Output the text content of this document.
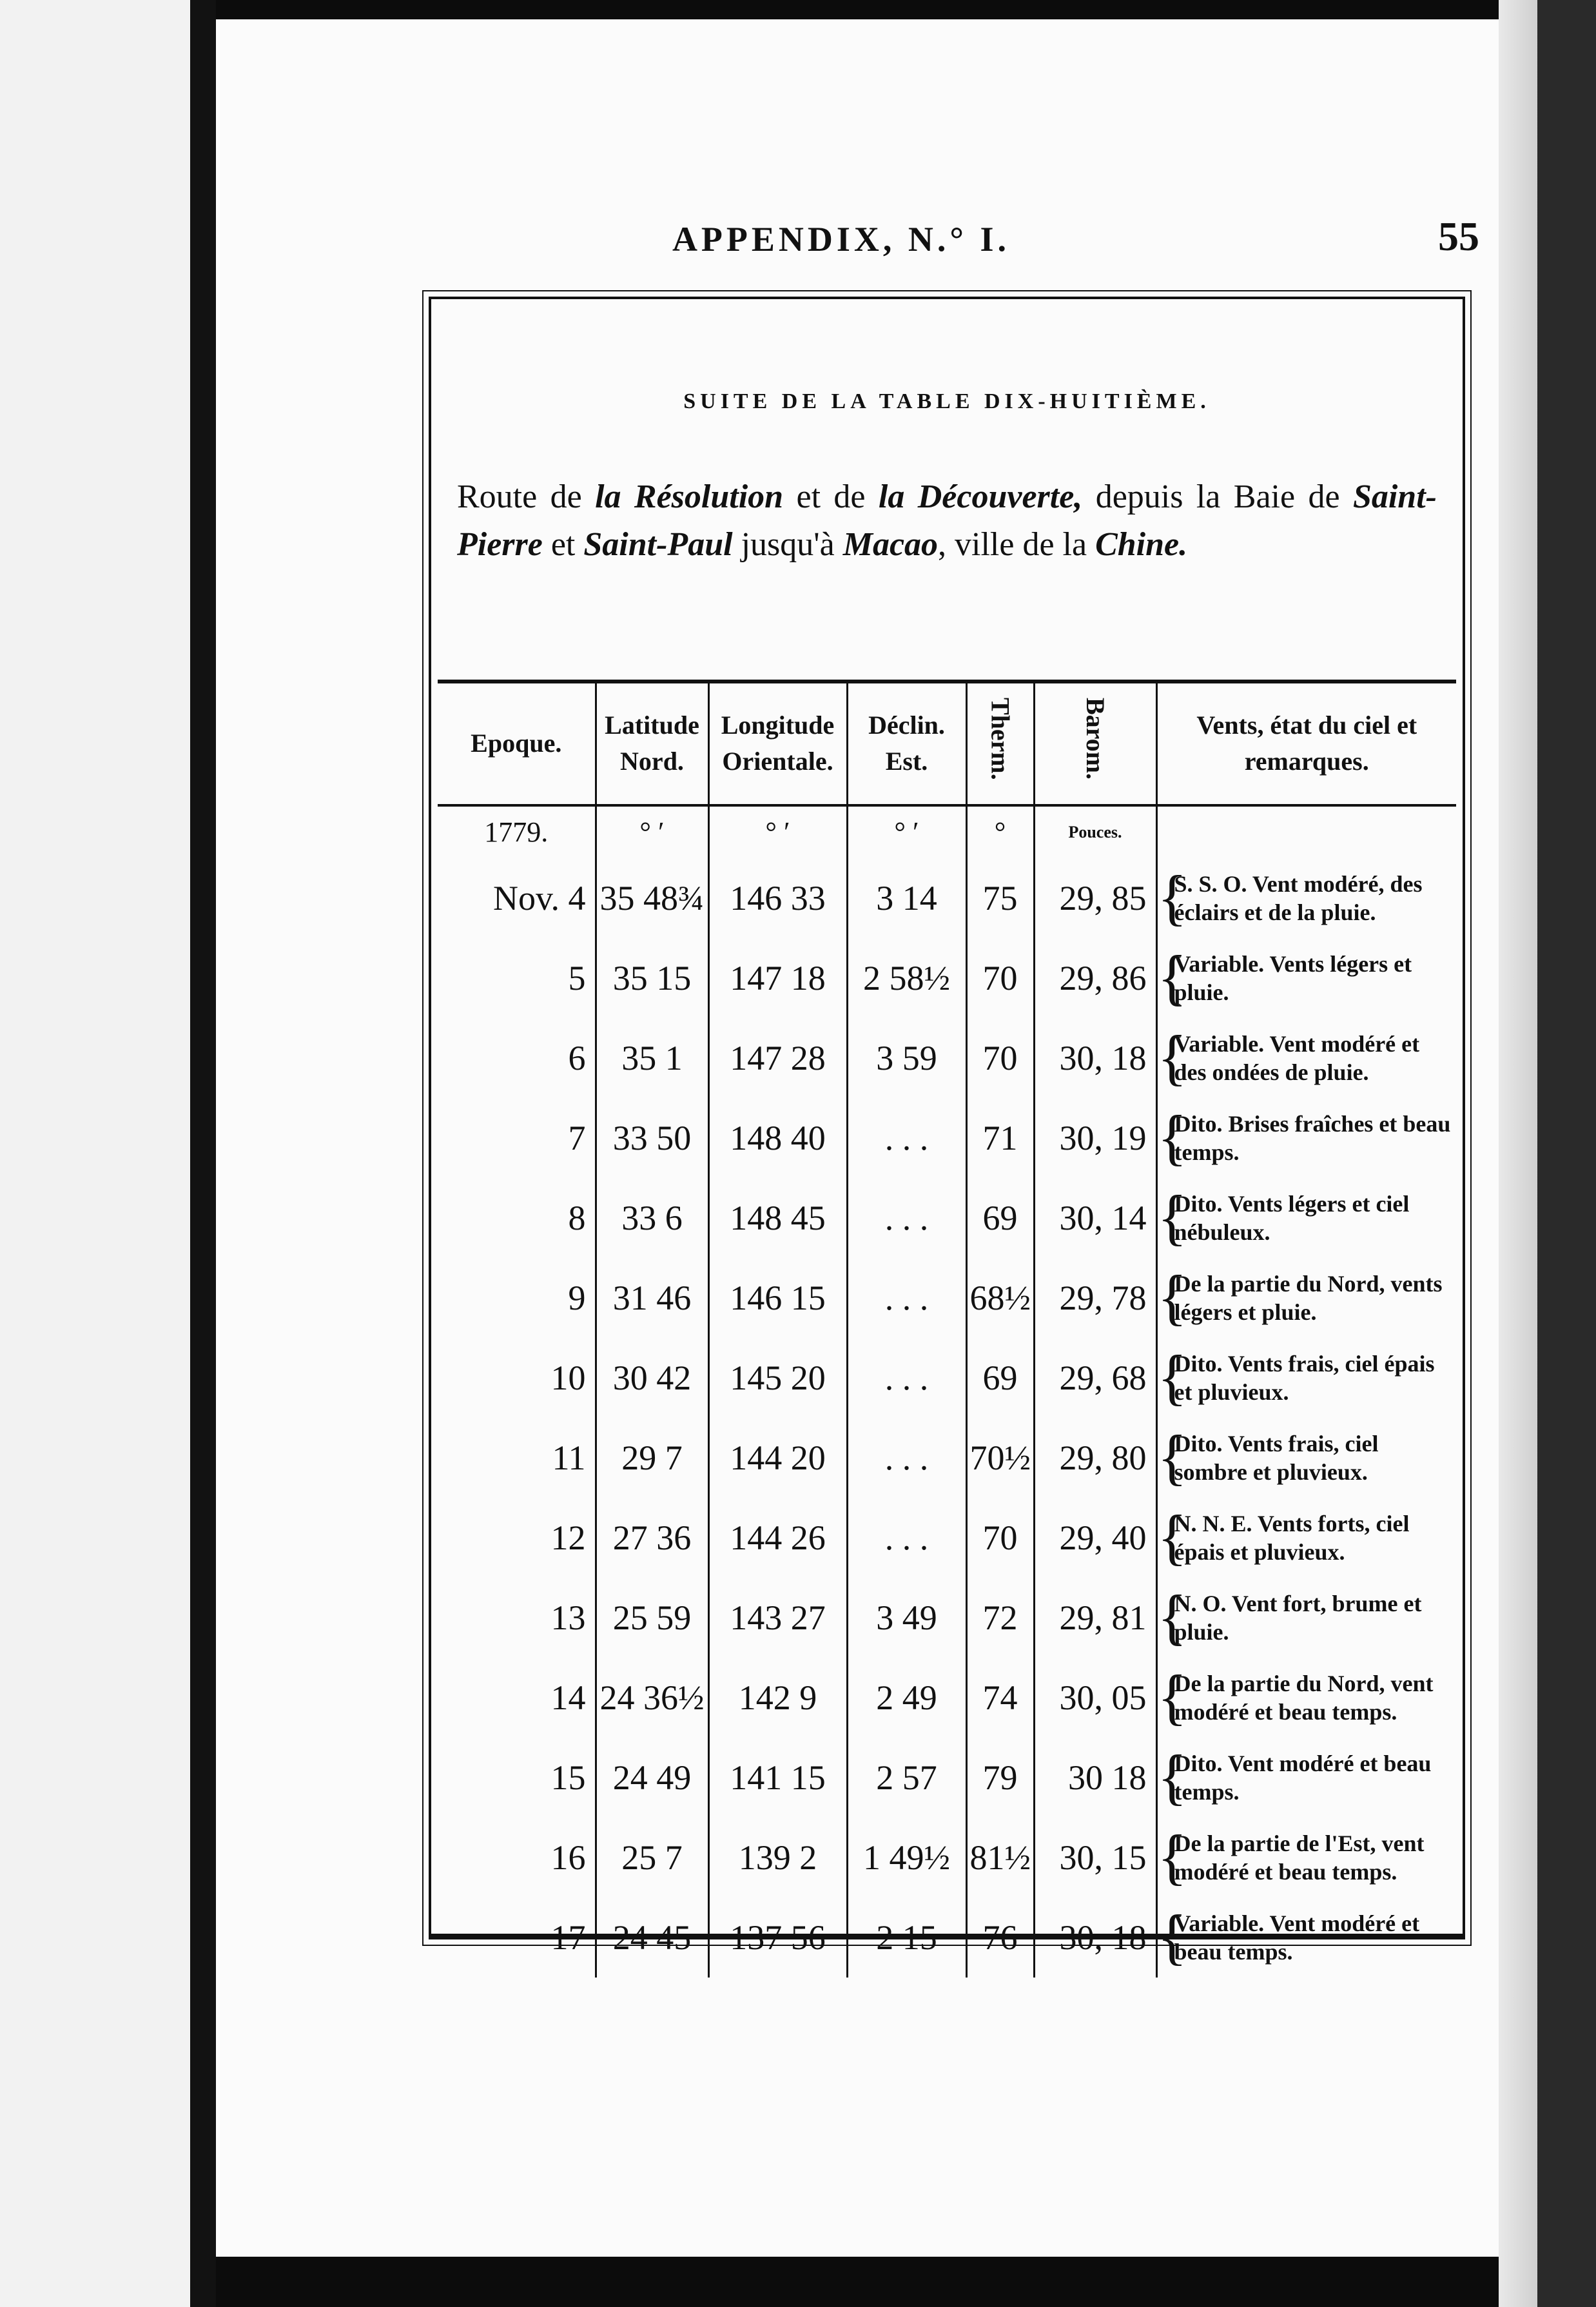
APPENDIX, N.° I.	55
SUITE DE LA TABLE DIX-HUITIÈME.
Route de la Résolution et de la Découverte, depuis la Baie de Saint-Pierre et Saint-Paul jusqu'à Macao, ville de la Chine.
Epoque.	Latitude Nord.	Longitude Orientale.	Déclin. Est.	Therm.	Barom.	Vents, état du ciel et remarques.
1779.	° ′	° ′	° ′	°	Pouces.	
Nov. 4	35 48¾	146 33	3 14	75	29, 85	{ S. S. O. Vent modéré, des éclairs et de la pluie.
5	35 15	147 18	2 58½	70	29, 86	{ Variable. Vents légers et pluie.
6	35 1	147 28	3 59	70	30, 18	{ Variable. Vent modéré et des ondées de pluie.
7	33 50	148 40	. . .	71	30, 19	{ Dito. Brises fraîches et beau temps.
8	33 6	148 45	. . .	69	30, 14	{ Dito. Vents légers et ciel nébuleux.
9	31 46	146 15	. . .	68½	29, 78	{ De la partie du Nord, vents légers et pluie.
10	30 42	145 20	. . .	69	29, 68	{ Dito. Vents frais, ciel épais et pluvieux.
11	29 7	144 20	. . .	70½	29, 80	{ Dito. Vents frais, ciel sombre et pluvieux.
12	27 36	144 26	. . .	70	29, 40	{ N. N. E. Vents forts, ciel épais et pluvieux.
13	25 59	143 27	3 49	72	29, 81	{ N. O. Vent fort, brume et pluie.
14	24 36½	142 9	2 49	74	30, 05	{ De la partie du Nord, vent modéré et beau temps.
15	24 49	141 15	2 57	79	30 18	{ Dito. Vent modéré et beau temps.
16	25 7	139 2	1 49½	81½	30, 15	{ De la partie de l'Est, vent modéré et beau temps.
17	24 45	137 56	2 15	76	30, 18	{ Variable. Vent modéré et beau temps.
